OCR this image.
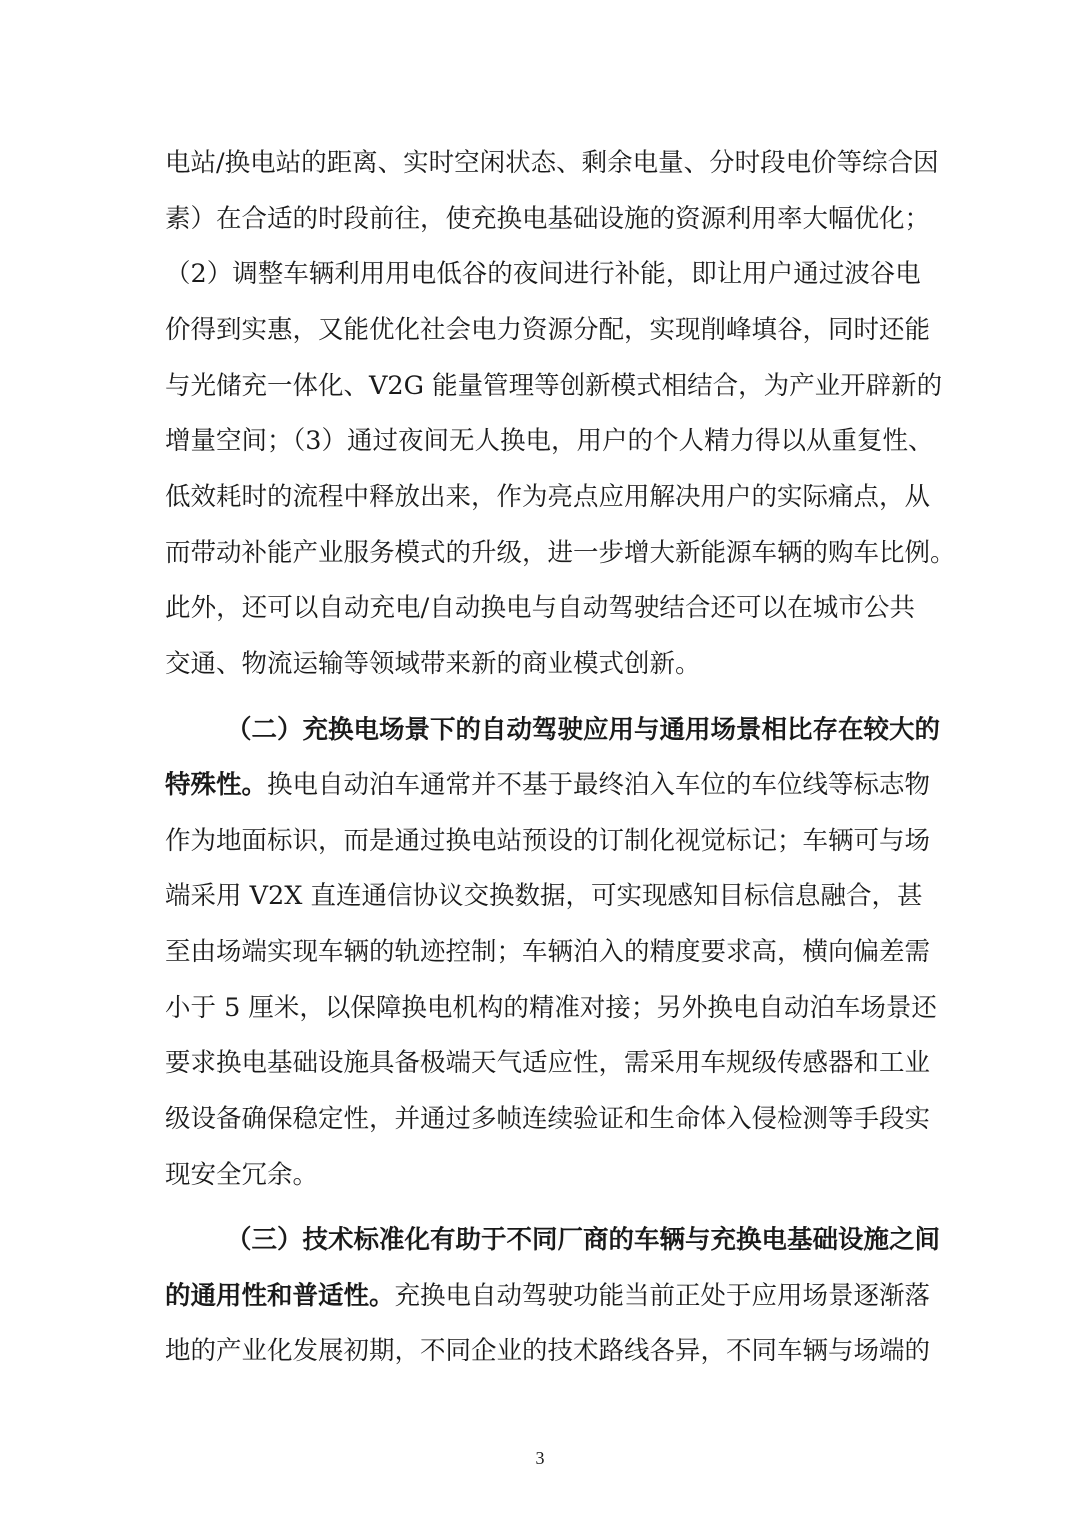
电站/换电站的距离、实时空闲状态、剩余电量、分时段电价等综合因
素）在合适的时段前往，使充换电基础设施的资源利用率大幅优化；
（2）调整车辆利用用电低谷的夜间进行补能，即让用户通过波谷电
价得到实惠，又能优化社会电力资源分配，实现削峰填谷，同时还能
与光储充一体化、V2G 能量管理等创新模式相结合，为产业开辟新的
增量空间；（3）通过夜间无人换电，用户的个人精力得以从重复性、
低效耗时的流程中释放出来，作为亮点应用解决用户的实际痛点，从
而带动补能产业服务模式的升级，进一步增大新能源车辆的购车比例。
此外，还可以自动充电/自动换电与自动驾驶结合还可以在城市公共
交通、物流运输等领域带来新的商业模式创新。
（二）充换电场景下的自动驾驶应用与通用场景相比存在较大的
特殊性。换电自动泊车通常并不基于最终泊入车位的车位线等标志物
作为地面标识，而是通过换电站预设的订制化视觉标记；车辆可与场
端采用 V2X 直连通信协议交换数据，可实现感知目标信息融合，甚
至由场端实现车辆的轨迹控制；车辆泊入的精度要求高，横向偏差需
小于 5 厘米，以保障换电机构的精准对接；另外换电自动泊车场景还
要求换电基础设施具备极端天气适应性，需采用车规级传感器和工业
级设备确保稳定性，并通过多帧连续验证和生命体入侵检测等手段实
现安全冗余。
（三）技术标准化有助于不同厂商的车辆与充换电基础设施之间
的通用性和普适性。充换电自动驾驶功能当前正处于应用场景逐渐落
地的产业化发展初期，不同企业的技术路线各异，不同车辆与场端的
3
